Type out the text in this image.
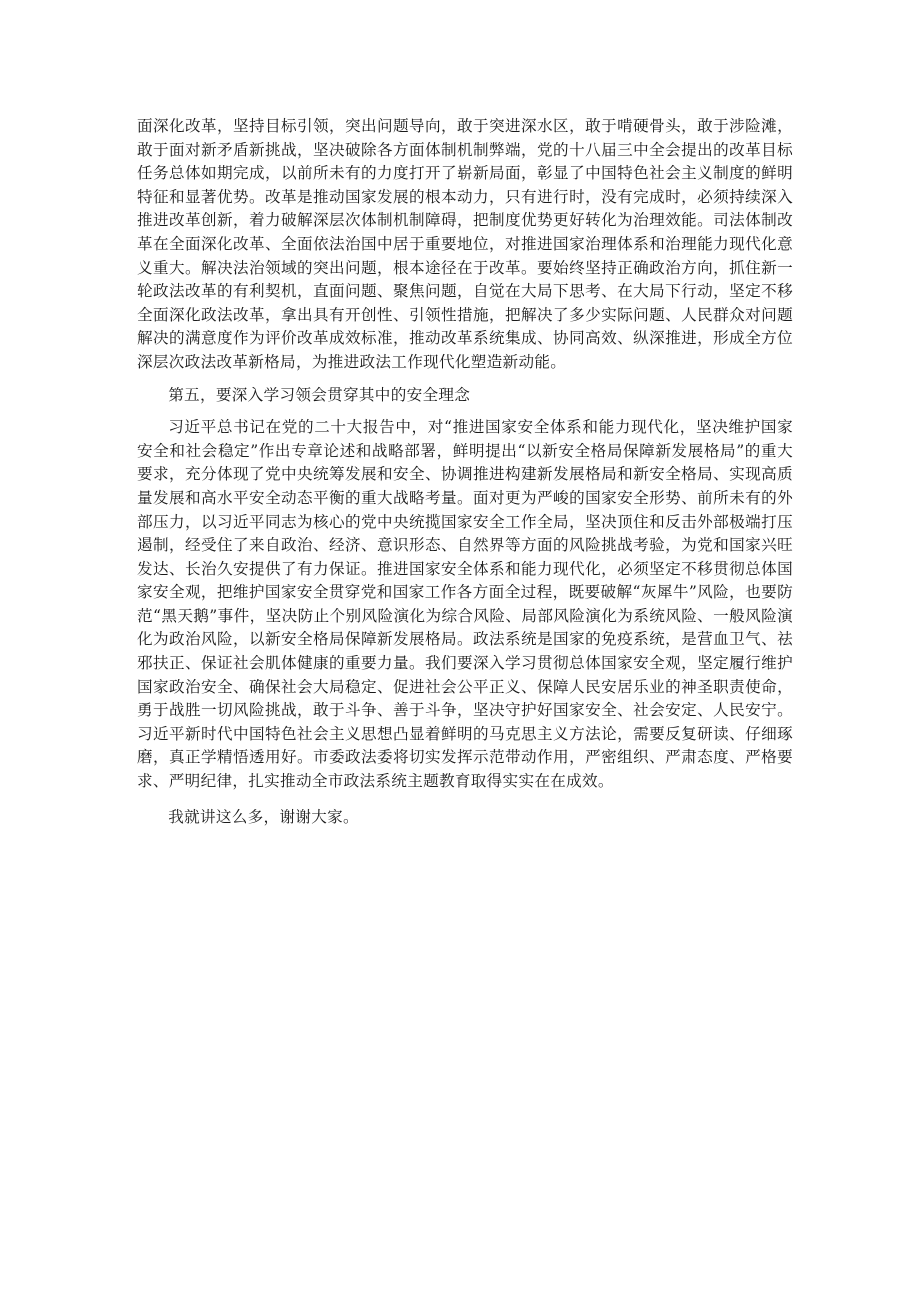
面深化改革，坚持目标引领，突出问题导向，敢于突进深水区，敢于啃硬骨头，敢于涉险滩，敢于面对新矛盾新挑战，坚决破除各方面体制机制弊端，党的十八届三中全会提出的改革目标任务总体如期完成，以前所未有的力度打开了崭新局面，彰显了中国特色社会主义制度的鲜明特征和显著优势。改革是推动国家发展的根本动力，只有进行时，没有完成时，必须持续深入推进改革创新，着力破解深层次体制机制障碍，把制度优势更好转化为治理效能。司法体制改革在全面深化改革、全面依法治国中居于重要地位，对推进国家治理体系和治理能力现代化意义重大。解决法治领域的突出问题，根本途径在于改革。要始终坚持正确政治方向，抓住新一轮政法改革的有利契机，直面问题、聚焦问题，自觉在大局下思考、在大局下行动，坚定不移全面深化政法改革，拿出具有开创性、引领性措施，把解决了多少实际问题、人民群众对问题解决的满意度作为评价改革成效标准，推动改革系统集成、协同高效、纵深推进，形成全方位深层次政法改革新格局，为推进政法工作现代化塑造新动能。

第五，要深入学习领会贯穿其中的安全理念

习近平总书记在党的二十大报告中，对“推进国家安全体系和能力现代化，坚决维护国家安全和社会稳定”作出专章论述和战略部署，鲜明提出“以新安全格局保障新发展格局”的重大要求，充分体现了党中央统筹发展和安全、协调推进构建新发展格局和新安全格局、实现高质量发展和高水平安全动态平衡的重大战略考量。面对更为严峻的国家安全形势、前所未有的外部压力，以习近平同志为核心的党中央统揽国家安全工作全局，坚决顶住和反击外部极端打压遏制，经受住了来自政治、经济、意识形态、自然界等方面的风险挑战考验，为党和国家兴旺发达、长治久安提供了有力保证。推进国家安全体系和能力现代化，必须坚定不移贯彻总体国家安全观，把维护国家安全贯穿党和国家工作各方面全过程，既要破解“灰犀牛”风险，也要防范“黑天鹅”事件，坚决防止个别风险演化为综合风险、局部风险演化为系统风险、一般风险演化为政治风险，以新安全格局保障新发展格局。政法系统是国家的免疫系统，是营血卫气、祛邪扶正、保证社会肌体健康的重要力量。我们要深入学习贯彻总体国家安全观，坚定履行维护国家政治安全、确保社会大局稳定、促进社会公平正义、保障人民安居乐业的神圣职责使命，勇于战胜一切风险挑战，敢于斗争、善于斗争，坚决守护好国家安全、社会安定、人民安宁。习近平新时代中国特色社会主义思想凸显着鲜明的马克思主义方法论，需要反复研读、仔细琢磨，真正学精悟透用好。市委政法委将切实发挥示范带动作用，严密组织、严肃态度、严格要求、严明纪律，扎实推动全市政法系统主题教育取得实实在在成效。

我就讲这么多，谢谢大家。
